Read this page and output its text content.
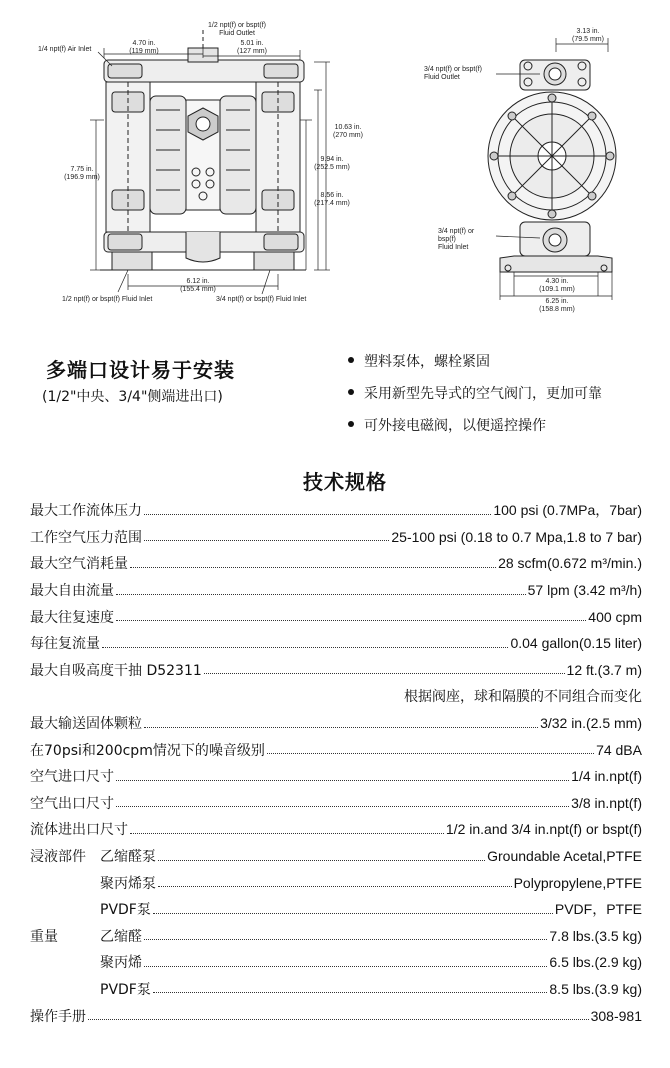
1/4 npt(f) Air Inlet
1/2 npt(f) or bspt(f)
Fluid Outlet
4.70 in.
(119 mm)
5.01 in.
(127 mm)
10.63 in.
(270 mm)
9.94 in.
(252.5 mm)
8.56 in.
(217.4 mm)
7.75 in.
(196.9 mm)
6.12 in.
(155.4 mm)
1/2 npt(f) or bspt(f) Fluid Inlet	3/4 npt(f) or bspt(f) Fluid Inlet
3.13 in.
(79.5 mm)
3/4 npt(f) or bspt(f)
Fluid Outlet
3/4 npt(f) or
bsp(f)
Fluid Inlet
4.30 in.
(109.1 mm)
6.25 in.
(158.8 mm)
多端口设计易于安装
(1/2"中央、3/4"侧端进出口)
塑料泵体，螺栓紧固
采用新型先导式的空气阀门，更加可靠
可外接电磁阀，以便遥控操作
技术规格
最大工作流体压力	100 psi (0.7MPa，7bar)
工作空气压力范围	25-100 psi (0.18 to 0.7 Mpa,1.8 to 7 bar)
最大空气消耗量	28 scfm(0.672 m³/min.)
最大自由流量	57 lpm (3.42 m³/h)
最大往复速度	400 cpm
每往复流量	0.04 gallon(0.15 liter)
最大自吸高度干抽 D52311	12 ft.(3.7 m)
根据阀座，球和隔膜的不同组合而变化
最大输送固体颗粒	3/32 in.(2.5 mm)
在70psi和200cpm情况下的噪音级别	74 dBA
空气进口尺寸	1/4 in.npt(f)
空气出口尺寸	3/8 in.npt(f)
流体进出口尺寸	1/2 in.and 3/4 in.npt(f) or bspt(f)
浸液部件	乙缩醛泵	Groundable Acetal,PTFE
聚丙烯泵	Polypropylene,PTFE
PVDF泵	PVDF，PTFE
重量	乙缩醛	7.8 lbs.(3.5 kg)
聚丙烯	6.5 lbs.(2.9 kg)
PVDF泵	8.5 lbs.(3.9 kg)
操作手册	308-981
